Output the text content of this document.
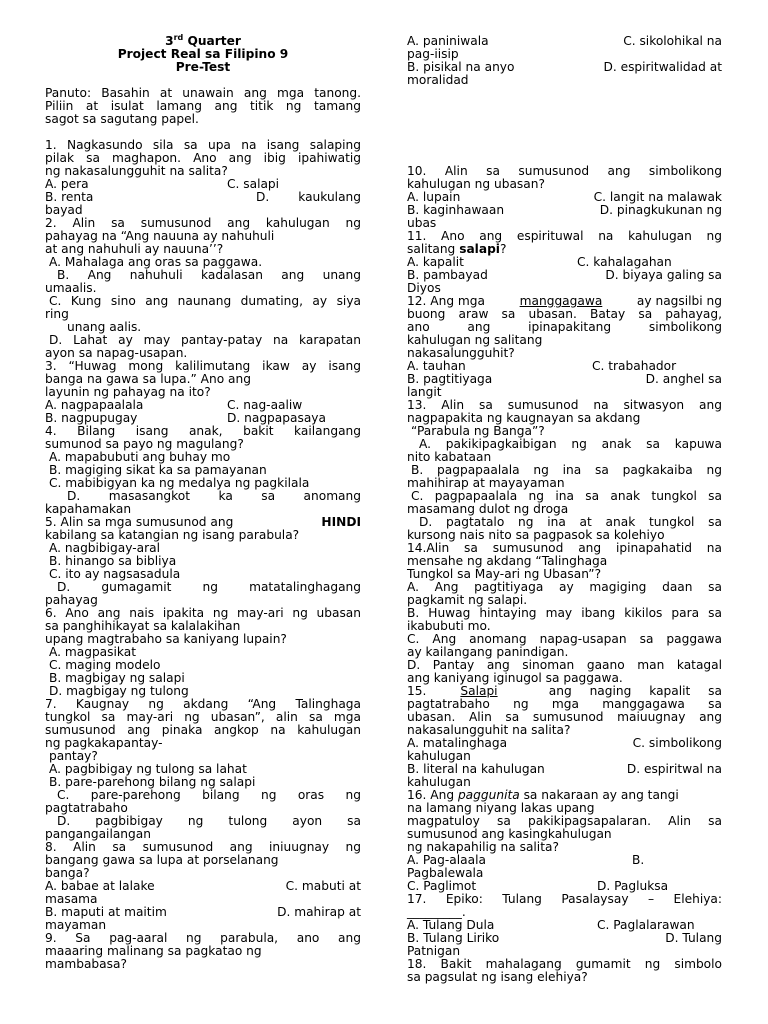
3rd Quarter
Project Real sa Filipino 9
Pre-Test
Panuto: Basahin at unawain ang mga tanong.
Piliin at isulat lamang ang titik ng tamang
sagot sa sagutang papel.
1. Nagkasundo sila sa upa na isang salaping
pilak sa maghapon. Ano ang ibig ipahiwatig
ng nakasalungguhit na salita?
A. pera	C. salapi
B. renta	D. kaukulang
bayad
2. Alin sa sumusunod ang kahulugan ng
pahayag na “Ang nauuna ay nahuhuli
at ang nahuhuli ay nauuna’’?
A. Mahalaga ang oras sa paggawa.
B. Ang nahuhuli kadalasan ang unang
umaalis.
C. Kung sino ang naunang dumating, ay siya
ring
unang aalis.
D. Lahat ay may pantay-patay na karapatan
ayon sa napag-usapan.
3. “Huwag mong kalilimutang ikaw ay isang
banga na gawa sa lupa.” Ano ang
layunin ng pahayag na ito?
A. nagpapaalala	C. nag-aaliw
B. nagpupugay	D. nagpapasaya
4. Bilang isang anak, bakit kailangang
sumunod sa payo ng magulang?
A. mapabubuti ang buhay mo
B. magiging sikat ka sa pamayanan
C. mabibigyan ka ng medalya ng pagkilala
D. masasangkot ka sa anomang
kapahamakan
5. Alin sa mga sumusunod ang	HINDI
kabilang sa katangian ng isang parabula?
A. nagbibigay-aral
B. hinango sa bibliya
C. ito ay nagsasadula
D. gumagamit ng matatalinghagang
pahayag
6. Ano ang nais ipakita ng may-ari ng ubasan
sa panghihikayat sa kalalakihan
upang magtrabaho sa kaniyang lupain?
A. magpasikat
C. maging modelo
B. magbigay ng salapi
D. magbigay ng tulong
7. Kaugnay ng akdang “Ang Talinghaga
tungkol sa may-ari ng ubasan”, alin sa mga
sumusunod ang pinaka angkop na kahulugan
ng pagkakapantay-
pantay?
A. pagbibigay ng tulong sa lahat
B. pare-parehong bilang ng salapi
C. pare-parehong bilang ng oras ng
pagtatrabaho
D. pagbibigay ng tulong ayon sa
pangangailangan
8. Alin sa sumusunod ang iniuugnay ng
bangang gawa sa lupa at porselanang
banga?
A. babae at lalake	C. mabuti at
masama
B. maputi at maitim	D. mahirap at
mayaman
9. Sa pag-aaral ng parabula, ano ang
maaaring malinang sa pagkatao ng
mambabasa?
A. paniniwala	C. sikolohikal na
pag-iisip
B. pisikal na anyo	D. espiritwalidad at
moralidad
10. Alin sa sumusunod ang simbolikong
kahulugan ng ubasan?
A. lupain	C. langit na malawak
B. kaginhawaan	D. pinagkukunan ng
ubas
11. Ano ang espirituwal na kahulugan ng
salitang salapi?
A. kapalit	C. kahalagahan
B. pambayad	D. biyaya galing sa
Diyos
12. Ang mga	manggagawa	ay nagsilbi ng
buong araw sa ubasan. Batay sa pahayag,
ano ang ipinapakitang simbolikong
kahulugan ng salitang
nakasalungguhit?
A. tauhan	C. trabahador
B. pagtitiyaga	D. anghel sa
langit
13. Alin sa sumusunod na sitwasyon ang
nagpapakita ng kaugnayan sa akdang
“Parabula ng Banga”?
A. pakikipagkaibigan ng anak sa kapuwa
nito kabataan
B. pagpapaalala ng ina sa pagkakaiba ng
mahihirap at mayayaman
C. pagpapaalala ng ina sa anak tungkol sa
masamang dulot ng droga
D. pagtatalo ng ina at anak tungkol sa
kursong nais nito sa pagpasok sa kolehiyo
14.Alin sa sumusunod ang ipinapahatid na
mensahe ng akdang “Talinghaga
Tungkol sa May-ari ng Ubasan”?
A. Ang pagtitiyaga ay magiging daan sa
pagkamit ng salapi.
B. Huwag hintaying may ibang kikilos para sa
ikabubuti mo.
C. Ang anomang napag-usapan sa paggawa
ay kailangang panindigan.
D. Pantay ang sinoman gaano man katagal
ang kaniyang iginugol sa paggawa.
15.	Salapi	ang naging kapalit sa
pagtatrabaho ng mga manggagawa sa
ubasan. Alin sa sumusunod maiuugnay ang
nakasalungguhit na salita?
A. matalinghaga	C. simbolikong
kahulugan
B. literal na kahulugan	D. espiritwal na
kahulugan
16. Ang paggunita sa nakaraan ay ang tangi
na lamang niyang lakas upang
magpatuloy sa pakikipagsapalaran. Alin sa
sumusunod ang kasingkahulugan
ng nakapahilig na salita?
A. Pag-alaala	B.
Pagbalewala
C. Paglimot	D. Pagluksa
17. Epiko: Tulang Pasalaysay – Elehiya:
_________.
A. Tulang Dula	C. Paglalarawan
B. Tulang Liriko	D. Tulang
Patnigan
18. Bakit mahalagang gumamit ng simbolo
sa pagsulat ng isang elehiya?
